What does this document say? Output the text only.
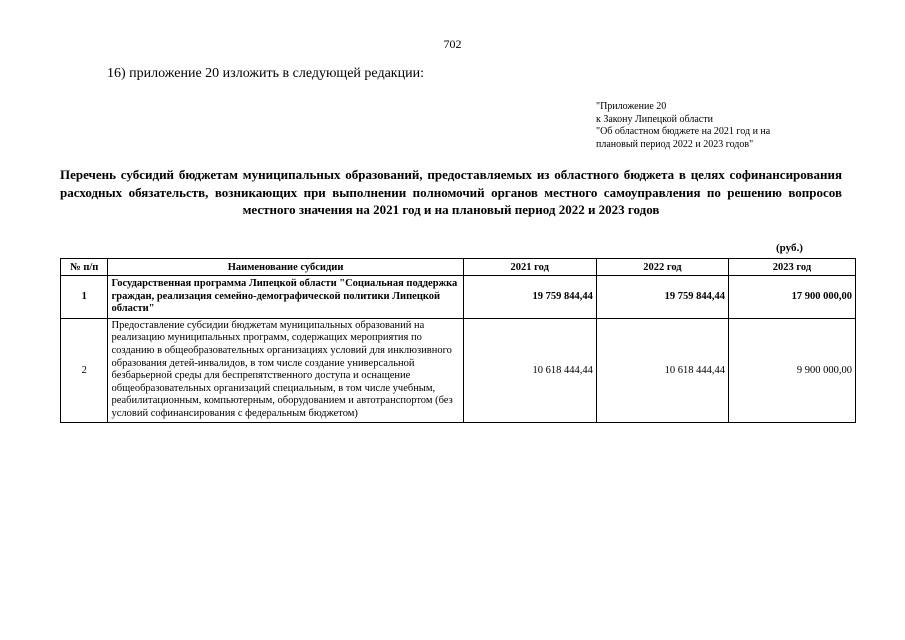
702
16) приложение 20 изложить в следующей редакции:
"Приложение 20
к Закону Липецкой области
"Об областном бюджете на 2021 год и на
плановый период 2022 и 2023 годов"
Перечень субсидий бюджетам муниципальных образований, предоставляемых из областного бюджета в целях софинансирования расходных обязательств, возникающих при выполнении полномочий органов местного самоуправления по решению вопросов местного значения на 2021 год и на плановый период 2022 и 2023 годов
(руб.)
№ п/п	Наименование субсидии	2021 год	2022 год	2023 год
1	Государственная программа Липецкой области "Социальная поддержка граждан, реализация семейно-демографической политики Липецкой области"	19 759 844,44	19 759 844,44	17 900 000,00
2	Предоставление субсидии бюджетам муниципальных образований на реализацию муниципальных программ, содержащих мероприятия по созданию в общеобразовательных организациях условий для инклюзивного образования детей-инвалидов, в том числе создание универсальной безбарьерной среды для беспрепятственного доступа и оснащение общеобразовательных организаций специальным, в том числе учебным, реабилитационным, компьютерным, оборудованием и автотранспортом (без условий софинансирования с федеральным бюджетом)	10 618 444,44	10 618 444,44	9 900 000,00
